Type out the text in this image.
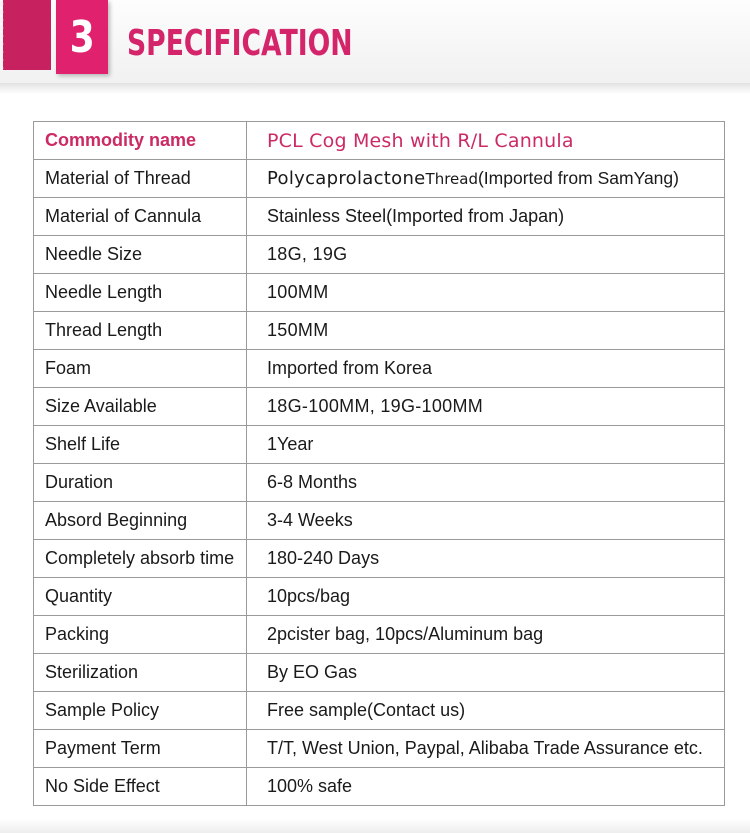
3 SPECIFICATION
Commodity name	PCL Cog Mesh with R/L Cannula
Material of Thread	PolycaprolactoneThread(Imported from SamYang)
Material of Cannula	Stainless Steel(Imported from Japan)
Needle Size	18G, 19G
Needle Length	100MM
Thread Length	150MM
Foam	Imported from Korea
Size Available	18G-100MM, 19G-100MM
Shelf Life	1Year
Duration	6-8 Months
Absord Beginning	3-4 Weeks
Completely absorb time	180-240 Days
Quantity	10pcs/bag
Packing	2pcister bag, 10pcs/Aluminum bag
Sterilization	By EO Gas
Sample Policy	Free sample(Contact us)
Payment Term	T/T, West Union, Paypal, Alibaba Trade Assurance etc.
No Side Effect	100% safe
